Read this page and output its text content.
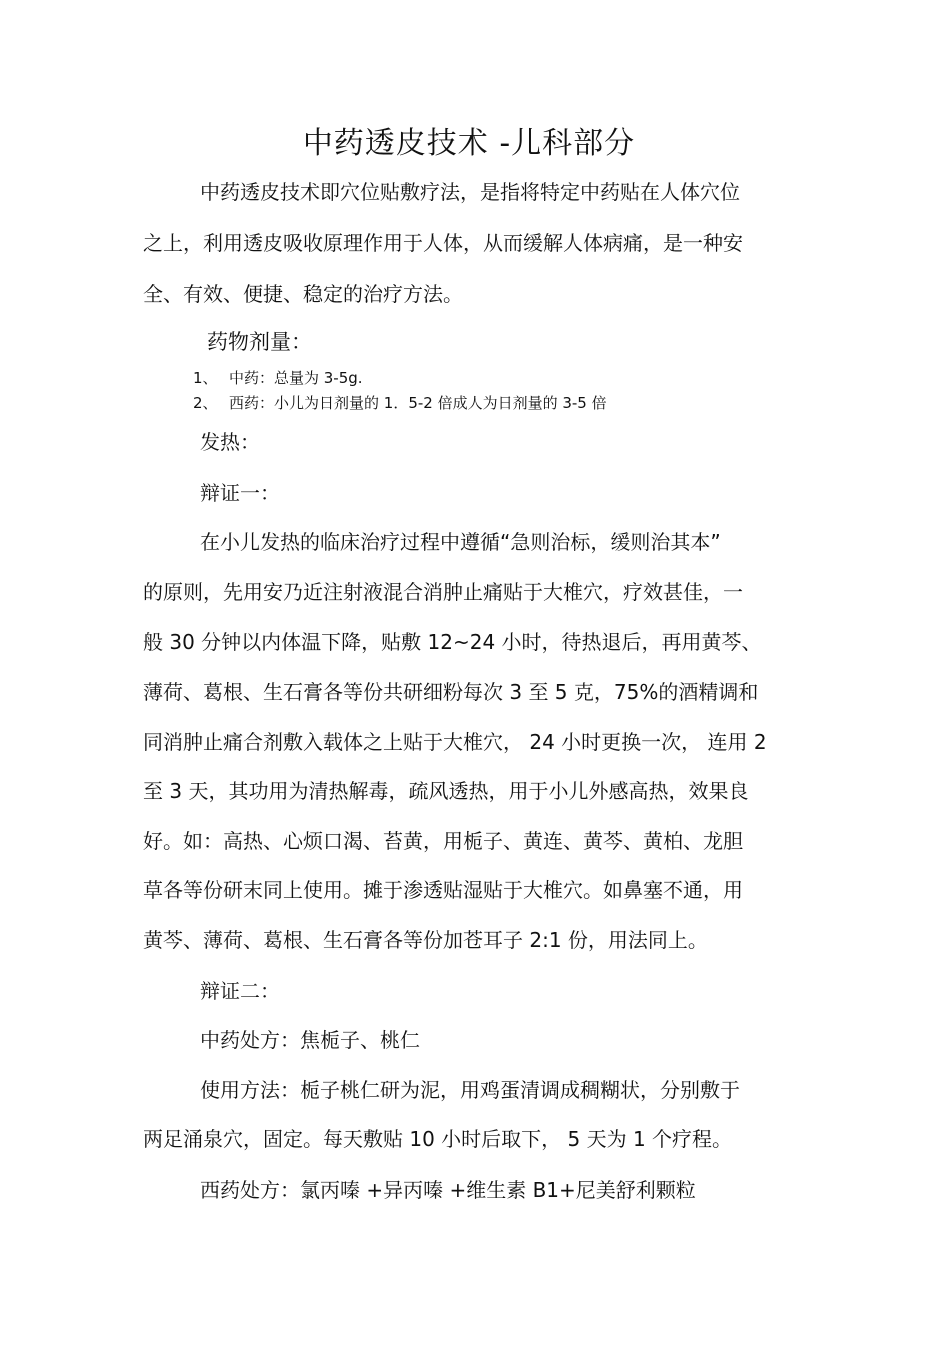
中药透皮技术 -儿科部分
中药透皮技术即穴位贴敷疗法，是指将特定中药贴在人体穴位
之上，利用透皮吸收原理作用于人体，从而缓解人体病痛，是一种安
全、有效、便捷、稳定的治疗方法。
药物剂量：
1、 中药：总量为 3-5g.
2、 西药：小儿为日剂量的 1．5-2 倍成人为日剂量的 3-5 倍
发热：
辩证一：
在小儿发热的临床治疗过程中遵循“急则治标，缓则治其本”
的原则，先用安乃近注射液混合消肿止痛贴于大椎穴，疗效甚佳，一
般 30 分钟以内体温下降，贴敷 12~24 小时，待热退后，再用黄芩、
薄荷、葛根、生石膏各等份共研细粉每次 3 至 5 克，75%的酒精调和
同消肿止痛合剂敷入载体之上贴于大椎穴， 24 小时更换一次， 连用 2
至 3 天，其功用为清热解毒，疏风透热，用于小儿外感高热，效果良
好。如：高热、心烦口渴、苔黄，用栀子、黄连、黄芩、黄柏、龙胆
草各等份研末同上使用。摊于渗透贴湿贴于大椎穴。如鼻塞不通，用
黄芩、薄荷、葛根、生石膏各等份加苍耳子 2:1 份，用法同上。
辩证二：
中药处方：焦栀子、桃仁
使用方法：栀子桃仁研为泥，用鸡蛋清调成稠糊状，分别敷于
两足涌泉穴，固定。每天敷贴 10 小时后取下， 5 天为 1 个疗程。
西药处方：氯丙嗪 +异丙嗪 +维生素 B1+尼美舒利颗粒
